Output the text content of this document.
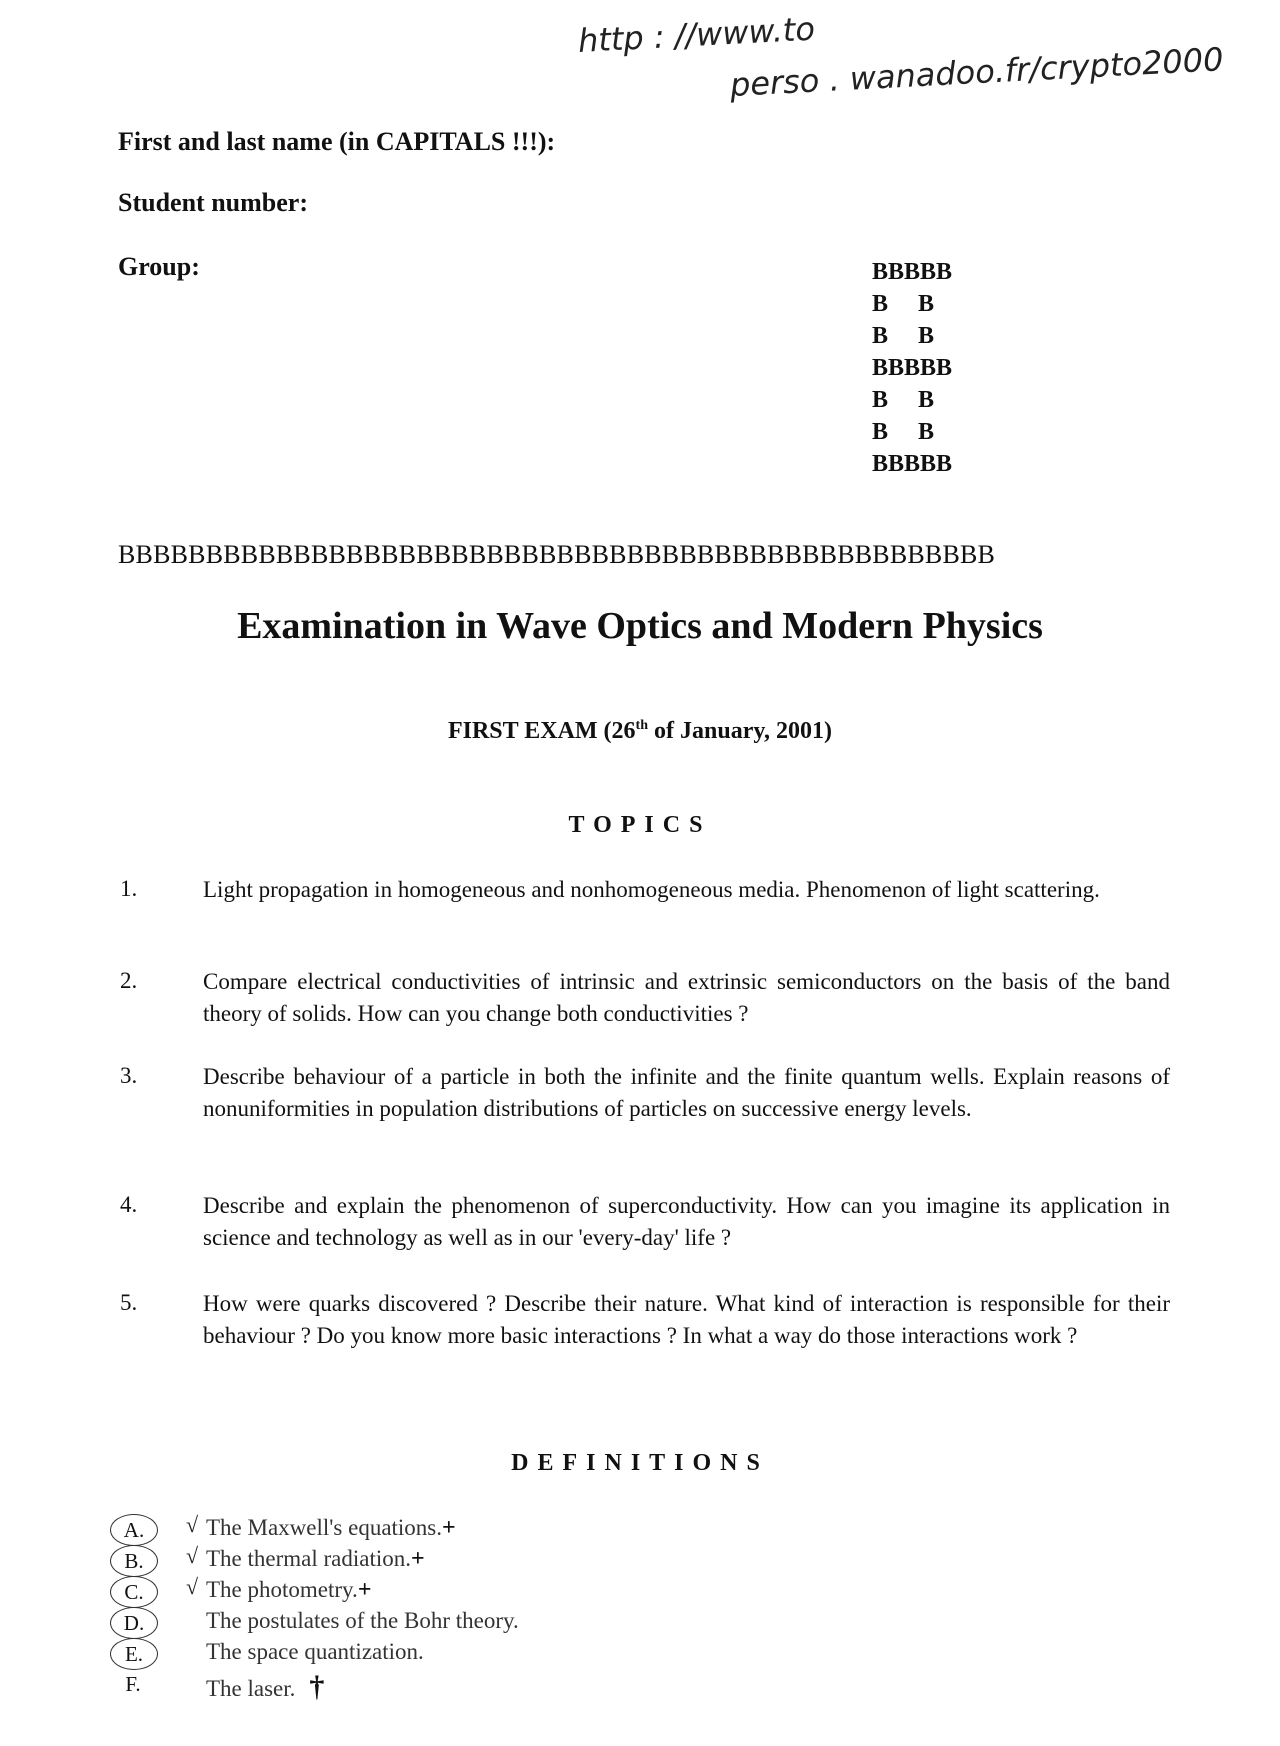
http : //www.to
perso . wanadoo.fr/crypto2000
First and last name (in CAPITALS !!!):
Student number:
Group:	BBBBB
B     B
B     B
BBBBB
B     B
B     B
BBBBB
BBBBBBBBBBBBBBBBBBBBBBBBBBBBBBBBBBBBBBBBBBBBBBBBBB
Examination in Wave Optics and Modern Physics
FIRST EXAM (26th of January, 2001)
TOPICS
1.	Light propagation in homogeneous and nonhomogeneous media. Phenomenon of light scattering.
2.	Compare electrical conductivities of intrinsic and extrinsic semiconductors on the basis of the band theory of solids. How can you change both conductivities ?
3.	Describe behaviour of a particle in both the infinite and the finite quantum wells. Explain reasons of nonuniformities in population distributions of particles on successive energy levels.
4.	Describe and explain the phenomenon of superconductivity. How can you imagine its application in science and technology as well as in our 'every-day' life ?
5.	How were quarks discovered ? Describe their nature. What kind of interaction is responsible for their behaviour ? Do you know more basic interactions ? In what a way do those interactions work ?
DEFINITIONS
A.	√ The Maxwell's equations.+
B.	√ The thermal radiation.+
C.	√ The photometry.+
D.	The postulates of the Bohr theory.
E.	The space quantization.
F.	The laser. †
